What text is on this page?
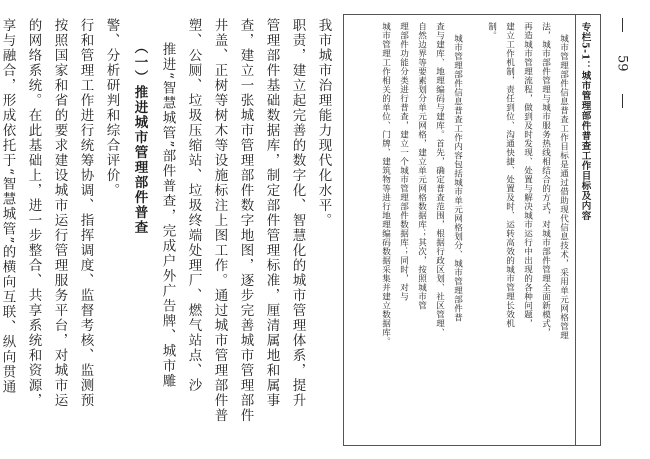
59
专栏5-1：城市管理部件普查工作目标及内容
城市管理部件信息普查工作目标是通过借助现代信息技术，采用单元网格管理
法，城市部件管理与城市服务热线相结合的方式，对城市部件管理全面新模式，
再造城市管理流程，做到及时发现、处置与解决城市运行中出现的各种问题，
建立工作机制，责任到位、沟通快捷、处置及时、运转高效的城市管理长效机
制。
城市管理部件信息普查工作内容包括城市单元网格划分、城市管理部件普
查与建库、地理编码与建库。首先，确定普查范围，根据行政区划、社区管理、
自然边界等要素划分单元网格，建立单元网格数据库；其次，按照城市管
理部件功能分类进行普查，建立一个城市管理部件数据库；同时，对与
城市管理工作相关的单位、门牌、建筑物等进行地理编码数据采集并建立数据库。
我市城市治理能力现代化水平。
职责，建立起完善的数字化、智慧化的城市管理体系，提升
管理部件基础数据库，制定部件管理标准，厘清属地和属事
查，建立一张城市管理部件数字地图，逐步完善城市管理部件
井盖、正树等树木等设施标注上图工作。通过城市管理部件普
塑、公厕、垃圾压缩站、垃圾终端处理厂、燃气站点、沙
推进“智慧城管”部件普查，完成户外广告牌、城市雕
（一）推进城市管理部件普查
警、分析研判和综合评价。
行和管理工作进行统筹协调、指挥调度、监督考核、监测预
按照国家和省的要求建设城市运行管理服务平台，对城市运
的网络系统。在此基础上，进一步整合、共享系统和资源，
享与融合，形成依托于“智慧城管”的横向互联、纵向贯通
